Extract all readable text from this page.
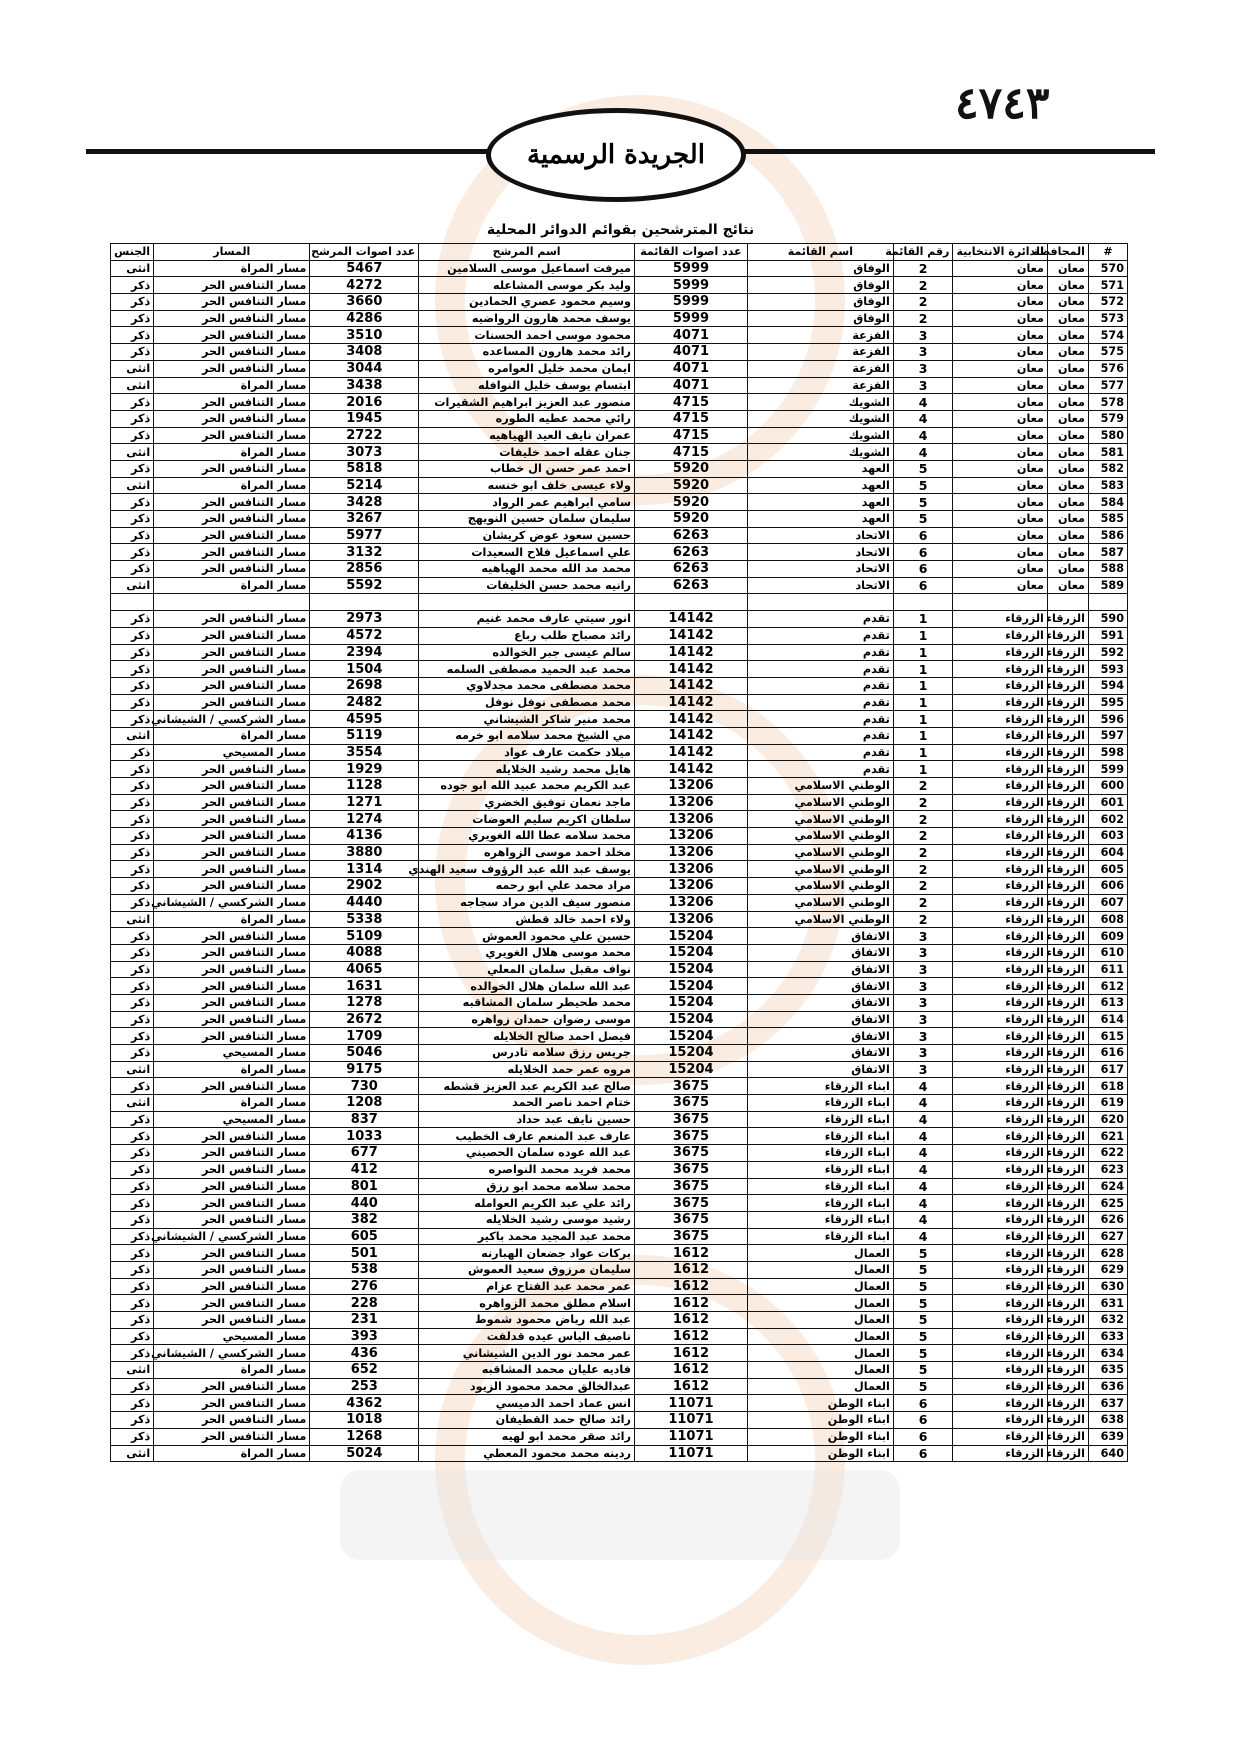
٤٧٤٣
الجريدة الرسمية
نتائج المترشحين بقوائم الدوائر المحلية
#	المحافظة	الدائرة الانتخابية	رقم القائمة	اسم القائمة	عدد اصوات القائمة	اسم المرشح	عدد اصوات المرشح	المسار	الجنس
570	معان	معان	2	الوفاق	5999	ميرفت اسماعيل موسى السلامين	5467	مسار المراة	انثى
571	معان	معان	2	الوفاق	5999	وليد بكر موسى المشاعله	4272	مسار التنافس الحر	ذكر
572	معان	معان	2	الوفاق	5999	وسيم محمود عصري الحمادين	3660	مسار التنافس الحر	ذكر
573	معان	معان	2	الوفاق	5999	يوسف محمد هارون الرواضيه	4286	مسار التنافس الحر	ذكر
574	معان	معان	3	الفزعة	4071	محمود موسى احمد الحسنات	3510	مسار التنافس الحر	ذكر
575	معان	معان	3	الفزعة	4071	رائد محمد هارون المساعده	3408	مسار التنافس الحر	ذكر
576	معان	معان	3	الفزعة	4071	ايمان محمد خليل العوامره	3044	مسار التنافس الحر	انثى
577	معان	معان	3	الفزعة	4071	ابتسام يوسف خليل النوافله	3438	مسار المراة	انثى
578	معان	معان	4	الشويك	4715	منصور عبد العزيز ابراهيم الشقيرات	2016	مسار التنافس الحر	ذكر
579	معان	معان	4	الشويك	4715	رائي محمد عطيه الطوره	1945	مسار التنافس الحر	ذكر
580	معان	معان	4	الشويك	4715	عمران نايف العيد الهياهيه	2722	مسار التنافس الحر	ذكر
581	معان	معان	4	الشويك	4715	جنان عقله احمد خليفات	3073	مسار المراة	انثى
582	معان	معان	5	العهد	5920	احمد عمر حسن ال خطاب	5818	مسار التنافس الحر	ذكر
583	معان	معان	5	العهد	5920	ولاء عيسى خلف ابو خنسه	5214	مسار المراة	انثى
584	معان	معان	5	العهد	5920	سامي ابراهيم عمر الرواد	3428	مسار التنافس الحر	ذكر
585	معان	معان	5	العهد	5920	سليمان سلمان حسين النويهج	3267	مسار التنافس الحر	ذكر
586	معان	معان	6	الاتحاد	6263	حسين سعود عوض كريشان	5977	مسار التنافس الحر	ذكر
587	معان	معان	6	الاتحاد	6263	علي اسماعيل فلاح السعيدات	3132	مسار التنافس الحر	ذكر
588	معان	معان	6	الاتحاد	6263	محمد مد الله محمد الهياهيه	2856	مسار التنافس الحر	ذكر
589	معان	معان	6	الاتحاد	6263	رانيه محمد حسن الخليفات	5592	مسار المراة	انثى

590	الزرقاء	الزرقاء	1	تقدم	14142	انور سيتي عارف محمد غنيم	2973	مسار التنافس الحر	ذكر
591	الزرقاء	الزرقاء	1	تقدم	14142	رائد مصباح طلب رباع	4572	مسار التنافس الحر	ذكر
592	الزرقاء	الزرقاء	1	تقدم	14142	سالم عيسى جبر الخوالده	2394	مسار التنافس الحر	ذكر
593	الزرقاء	الزرقاء	1	تقدم	14142	محمد عبد الحميد مصطفى السلمه	1504	مسار التنافس الحر	ذكر
594	الزرقاء	الزرقاء	1	تقدم	14142	محمد مصطفى محمد مجدلاوي	2698	مسار التنافس الحر	ذكر
595	الزرقاء	الزرقاء	1	تقدم	14142	محمد مصطفى نوفل نوفل	2482	مسار التنافس الحر	ذكر
596	الزرقاء	الزرقاء	1	تقدم	14142	محمد منير شاكر الشيشاني	4595	مسار الشركسي / الشيشاني	ذكر
597	الزرقاء	الزرقاء	1	تقدم	14142	مي الشيخ محمد سلامه ابو خرمه	5119	مسار المراة	انثى
598	الزرقاء	الزرقاء	1	تقدم	14142	ميلاد حكمت عارف عواد	3554	مسار المسيحي	ذكر
599	الزرقاء	الزرقاء	1	تقدم	14142	هايل محمد رشيد الخلايله	1929	مسار التنافس الحر	ذكر
600	الزرقاء	الزرقاء	2	الوطني الاسلامي	13206	عبد الكريم محمد عبيد الله ابو جوده	1128	مسار التنافس الحر	ذكر
601	الزرقاء	الزرقاء	2	الوطني الاسلامي	13206	ماجد نعمان توفيق الخضري	1271	مسار التنافس الحر	ذكر
602	الزرقاء	الزرقاء	2	الوطني الاسلامي	13206	سلطان اكريم سليم العوضات	1274	مسار التنافس الحر	ذكر
603	الزرقاء	الزرقاء	2	الوطني الاسلامي	13206	محمد سلامه عطا الله الغويري	4136	مسار التنافس الحر	ذكر
604	الزرقاء	الزرقاء	2	الوطني الاسلامي	13206	مخلد احمد موسى الزواهره	3880	مسار التنافس الحر	ذكر
605	الزرقاء	الزرقاء	2	الوطني الاسلامي	13206	يوسف عبد الله عبد الرؤوف سعيد الهندي	1314	مسار التنافس الحر	ذكر
606	الزرقاء	الزرقاء	2	الوطني الاسلامي	13206	مراد محمد علي ابو رحمه	2902	مسار التنافس الحر	ذكر
607	الزرقاء	الزرقاء	2	الوطني الاسلامي	13206	منصور سيف الدين مراد سجاجه	4440	مسار الشركسي / الشيشاني	ذكر
608	الزرقاء	الزرقاء	2	الوطني الاسلامي	13206	ولاء احمد خالد قطش	5338	مسار المراة	انثى
609	الزرقاء	الزرقاء	3	الاتفاق	15204	حسين علي محمود العموش	5109	مسار التنافس الحر	ذكر
610	الزرقاء	الزرقاء	3	الاتفاق	15204	محمد موسى هلال الغويري	4088	مسار التنافس الحر	ذكر
611	الزرقاء	الزرقاء	3	الاتفاق	15204	نواف مقبل سلمان المعلي	4065	مسار التنافس الحر	ذكر
612	الزرقاء	الزرقاء	3	الاتفاق	15204	عبد الله سلمان هلال الخوالده	1631	مسار التنافس الحر	ذكر
613	الزرقاء	الزرقاء	3	الاتفاق	15204	محمد طحيطر سلمان المشاقبه	1278	مسار التنافس الحر	ذكر
614	الزرقاء	الزرقاء	3	الاتفاق	15204	موسى رضوان حمدان زواهره	2672	مسار التنافس الحر	ذكر
615	الزرقاء	الزرقاء	3	الاتفاق	15204	فيصل احمد صالح الخلايله	1709	مسار التنافس الحر	ذكر
616	الزرقاء	الزرقاء	3	الاتفاق	15204	جريس رزق سلامه تادرس	5046	مسار المسيحي	ذكر
617	الزرقاء	الزرقاء	3	الاتفاق	15204	مروه عمر حمد الخلايله	9175	مسار المراة	انثى
618	الزرقاء	الزرقاء	4	ابناء الزرقاء	3675	صالح عبد الكريم عبد العزيز قشطه	730	مسار التنافس الحر	ذكر
619	الزرقاء	الزرقاء	4	ابناء الزرقاء	3675	ختام احمد ناصر الحمد	1208	مسار المراة	انثى
620	الزرقاء	الزرقاء	4	ابناء الزرقاء	3675	حسين نايف عبد حداد	837	مسار المسيحي	ذكر
621	الزرقاء	الزرقاء	4	ابناء الزرقاء	3675	عارف عبد المنعم عارف الخطيب	1033	مسار التنافس الحر	ذكر
622	الزرقاء	الزرقاء	4	ابناء الزرقاء	3675	عبد الله عوده سلمان الحصيني	677	مسار التنافس الحر	ذكر
623	الزرقاء	الزرقاء	4	ابناء الزرقاء	3675	محمد فريد محمد النواصره	412	مسار التنافس الحر	ذكر
624	الزرقاء	الزرقاء	4	ابناء الزرقاء	3675	محمد سلامه محمد ابو رزق	801	مسار التنافس الحر	ذكر
625	الزرقاء	الزرقاء	4	ابناء الزرقاء	3675	رائد علي عبد الكريم العوامله	440	مسار التنافس الحر	ذكر
626	الزرقاء	الزرقاء	4	ابناء الزرقاء	3675	رشيد موسى رشيد الخلايله	382	مسار التنافس الحر	ذكر
627	الزرقاء	الزرقاء	4	ابناء الزرقاء	3675	محمد عبد المجيد محمد باكير	605	مسار الشركسي / الشيشاني	ذكر
628	الزرقاء	الزرقاء	5	العمال	1612	بركات عواد جضعان الهبارنه	501	مسار التنافس الحر	ذكر
629	الزرقاء	الزرقاء	5	العمال	1612	سليمان مرزوق سعيد العموش	538	مسار التنافس الحر	ذكر
630	الزرقاء	الزرقاء	5	العمال	1612	عمر محمد عبد الفتاح عزام	276	مسار التنافس الحر	ذكر
631	الزرقاء	الزرقاء	5	العمال	1612	اسلام مطلق محمد الزواهره	228	مسار التنافس الحر	ذكر
632	الزرقاء	الزرقاء	5	العمال	1612	عبد الله رياض محمود شموط	231	مسار التنافس الحر	ذكر
633	الزرقاء	الزرقاء	5	العمال	1612	ناصيف الياس عيده قدلفت	393	مسار المسيحي	ذكر
634	الزرقاء	الزرقاء	5	العمال	1612	عمر محمد نور الدين الشيشاني	436	مسار الشركسي / الشيشاني	ذكر
635	الزرقاء	الزرقاء	5	العمال	1612	فاديه عليان محمد المشاقبه	652	مسار المراة	انثى
636	الزرقاء	الزرقاء	5	العمال	1612	عبدالخالق محمد محمود الزيود	253	مسار التنافس الحر	ذكر
637	الزرقاء	الزرقاء	6	ابناء الوطن	11071	انس عماد احمد الدميسي	4362	مسار التنافس الحر	ذكر
638	الزرقاء	الزرقاء	6	ابناء الوطن	11071	رائد صالح حمد القطيفان	1018	مسار التنافس الحر	ذكر
639	الزرقاء	الزرقاء	6	ابناء الوطن	11071	رائد صقر محمد ابو لهيه	1268	مسار التنافس الحر	ذكر
640	الزرقاء	الزرقاء	6	ابناء الوطن	11071	ردينه محمد محمود المعطي	5024	مسار المراة	انثى
